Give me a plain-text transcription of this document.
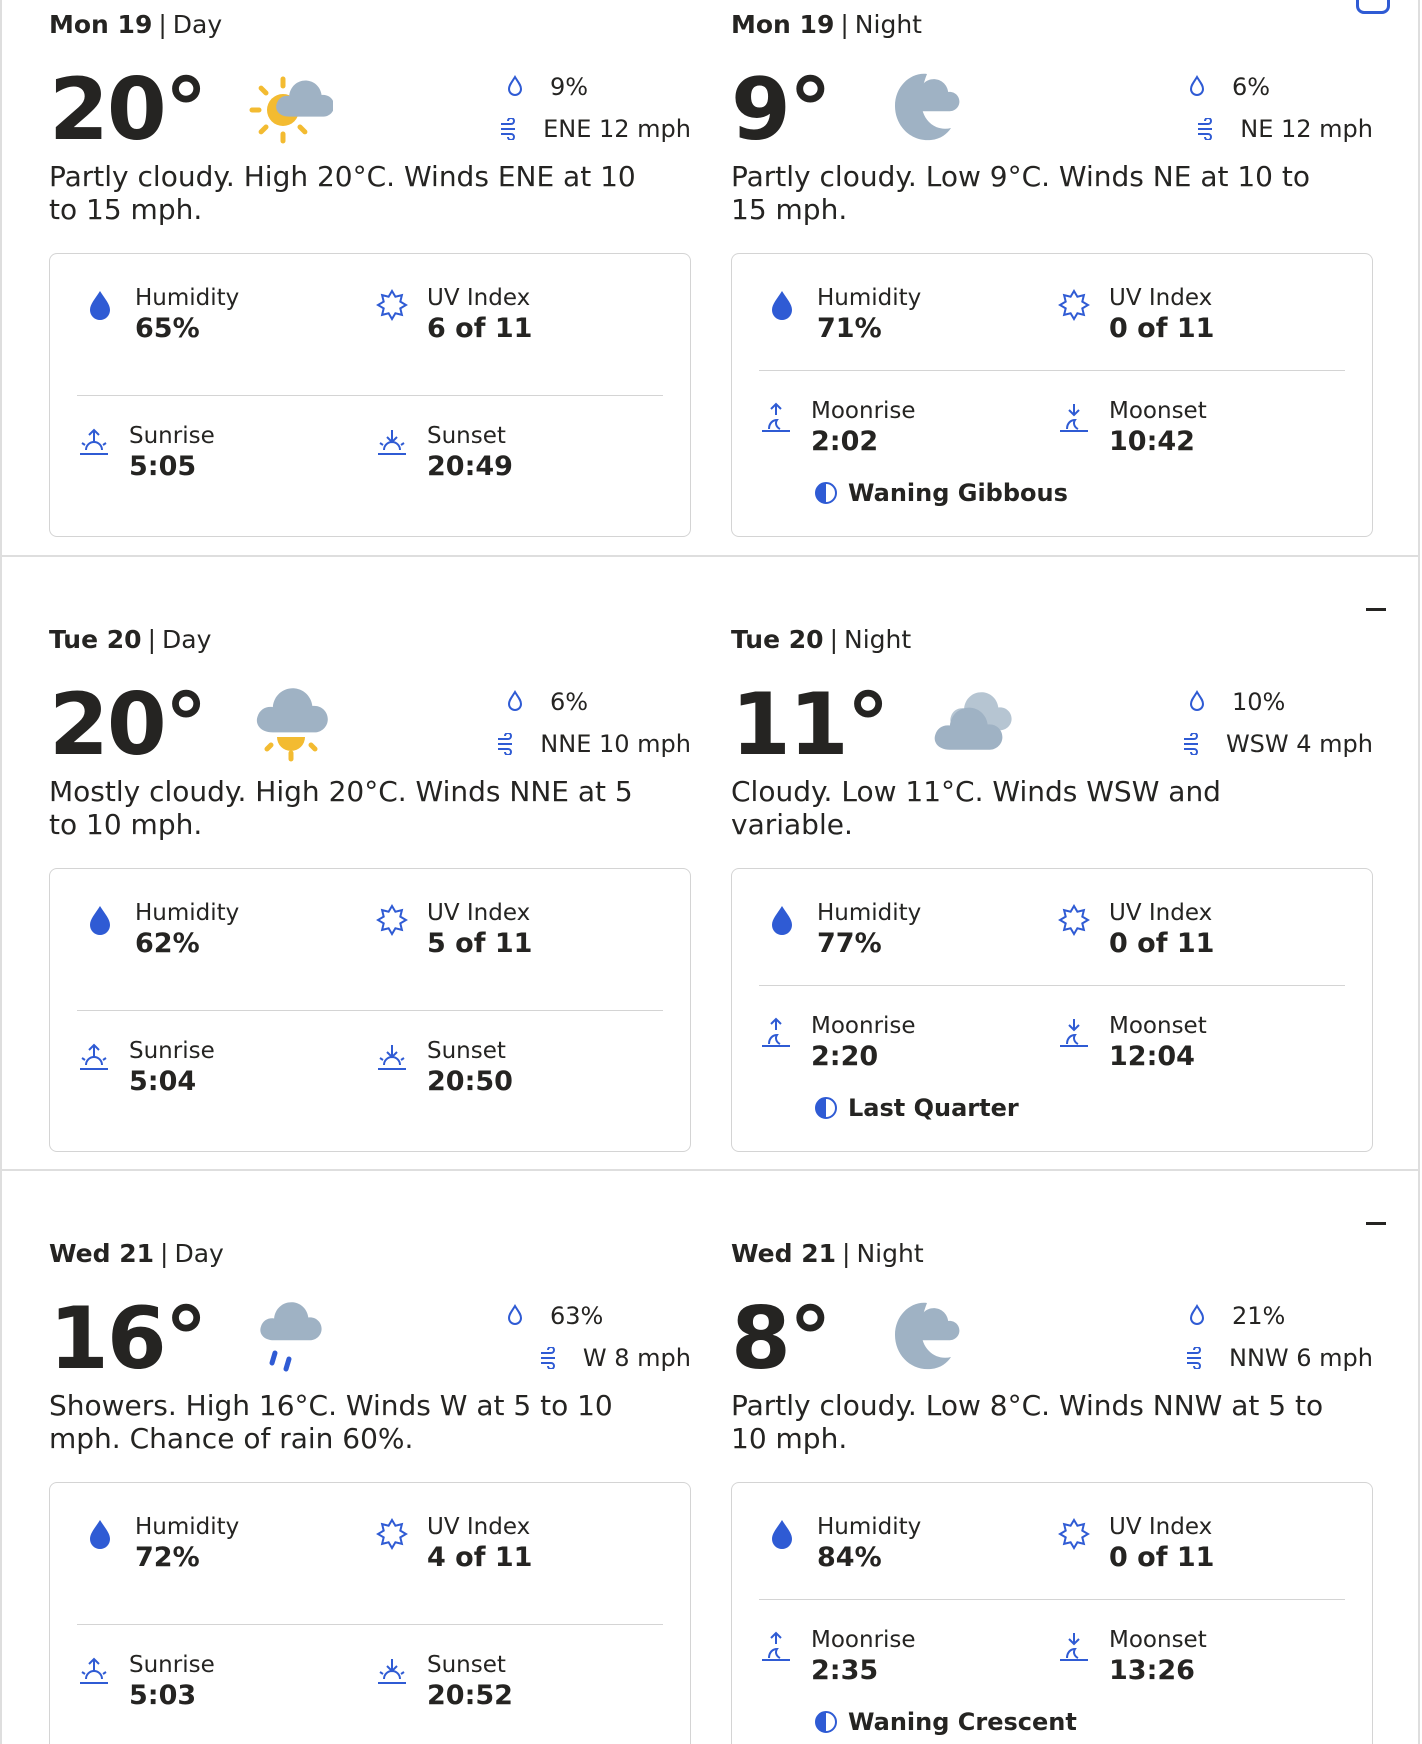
Mon 19 | Day
20°	9%
ENE 12 mph

Partly cloudy. High 20°C. Winds ENE at 10 to 15 mph.

Humidity
65%
UV Index
6 of 11
Sunrise
5:05
Sunset
20:49
Mon 19 | Night
9°	6%
NE 12 mph

Partly cloudy. Low 9°C. Winds NE at 10 to 15 mph.

Humidity
71%
UV Index
0 of 11
Moonrise
2:02
Moonset
10:42
Waning Gibbous
Tue 20 | Day
20°	6%
NNE 10 mph

Mostly cloudy. High 20°C. Winds NNE at 5 to 10 mph.

Humidity
62%
UV Index
5 of 11
Sunrise
5:04
Sunset
20:50
Tue 20 | Night
11°	10%
WSW 4 mph

Cloudy. Low 11°C. Winds WSW and variable.

Humidity
77%
UV Index
0 of 11
Moonrise
2:20
Moonset
12:04
Last Quarter
Wed 21 | Day
16°	63%
W 8 mph

Showers. High 16°C. Winds W at 5 to 10 mph. Chance of rain 60%.

Humidity
72%
UV Index
4 of 11
Sunrise
5:03
Sunset
20:52
Wed 21 | Night
8°	21%
NNW 6 mph

Partly cloudy. Low 8°C. Winds NNW at 5 to 10 mph.

Humidity
84%
UV Index
0 of 11
Moonrise
2:35
Moonset
13:26
Waning Crescent
